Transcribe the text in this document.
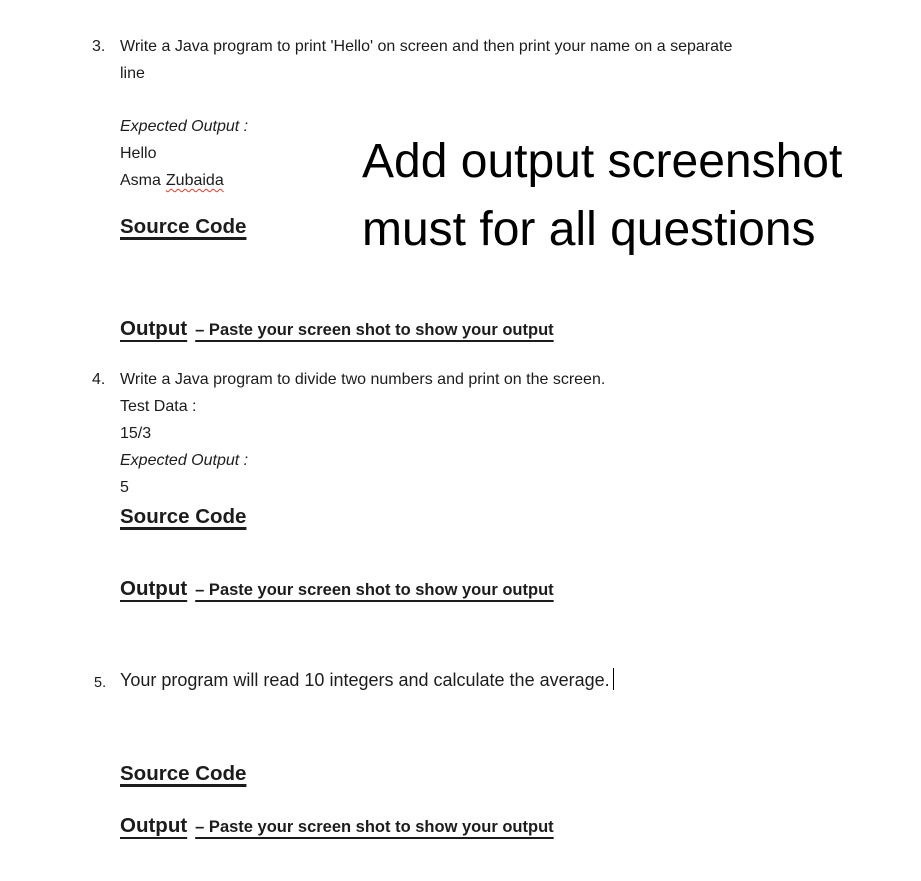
3. Write a Java program to print 'Hello' on screen and then print your name on a separate
line
Expected Output :
Hello
Asma Zubaida
Source Code
Add output screenshot
must for all questions
Output – Paste your screen shot to show your output
4. Write a Java program to divide two numbers and print on the screen.
Test Data :
15/3
Expected Output :
5
Source Code
Output – Paste your screen shot to show your output
5. Your program will read 10 integers and calculate the average.
Source Code
Output – Paste your screen shot to show your output
